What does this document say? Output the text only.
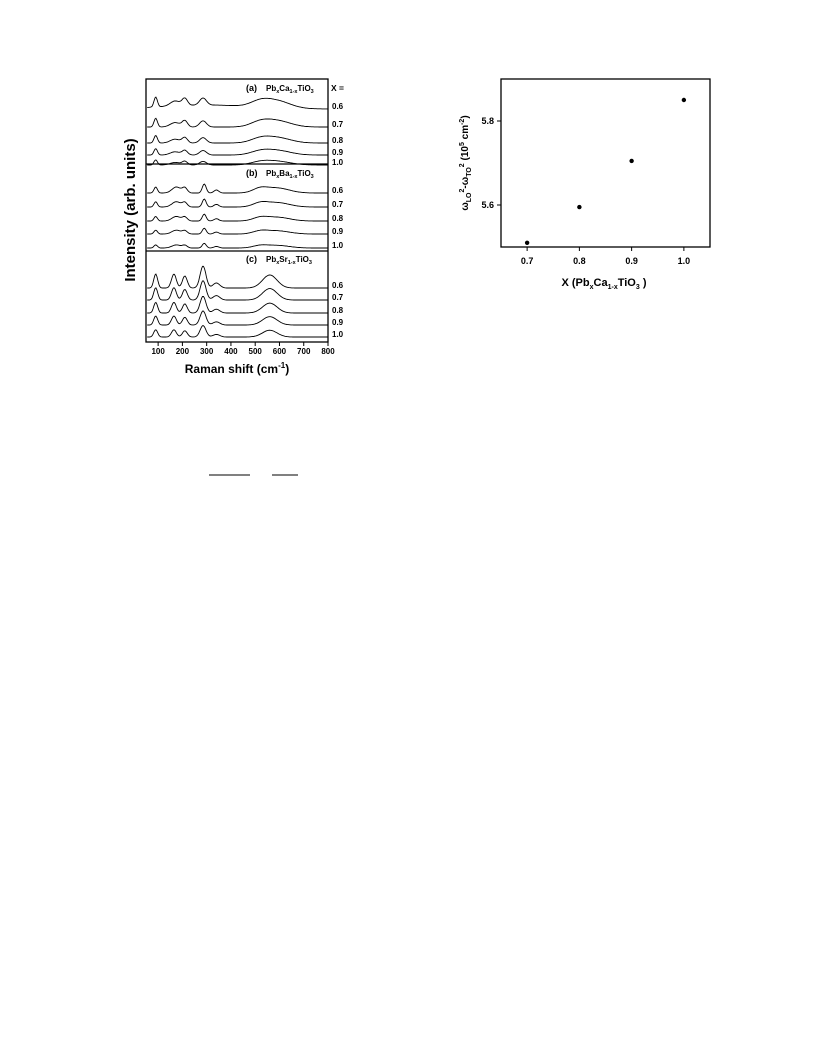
(a) $Pb_xCa_{1-x}TiO_3$ X =
(b) $Pb_xBa_{1-x}TiO_3$
(c) $Pb_xSr_{1-x}TiO_3$
0.6
0.7
0.8
0.9
1.0
0.6
0.7
0.8
0.9
1.0
0.6
0.7
0.8
0.9
1.0
100 200 300 400 500 600 700 800
Raman shift $(cm^{-1})$
Intensity (arb. units)	0.7	0.8	0.9	1.0
5.6
5.8
X ($Pb_xCa_{1-x}TiO_3$ )
$\omega_{LO}^2-\omega_{TO}^2$ ($10^5$ $cm^{-2}$)
